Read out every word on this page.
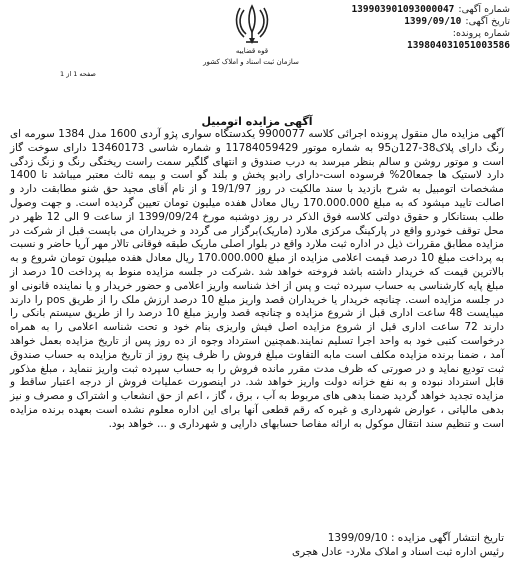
شماره آگهی:
139903901093000047
تاریخ آگهی:
1399/09/10
شماره پرونده:
139804031051003586
قوه قضاییه
سازمان ثبت اسناد و املاک کشور
صفحه 1 از 1
آگهی مزایده اتومبیل

آگهی مزایده مال منقول پرونده اجرائی کلاسه 9900077 یکدستگاه سواری پژو آردی 1600 مدل 1384 سورمه ای رنگ دارای پلاک38-127ن95 به شماره موتور 11784059429 و شماره شاسی 13460173 دارای سوخت گاز است و موتور روشن و سالم بنظر میرسد به درب صندوق و انتهای گلگیر سمت راست ریختگی رنگ و زنگ زدگی دارد لاستیک ها جمعا20% فرسوده است-دارای رادیو پخش و بلند گو است و بیمه ثالث معتبر میباشد تا 1400 مشخصات اتومبیل به شرح بازدید با سند مالکیت در روز 19/1/97 و از نام آقای مجید حق شنو مطابقت دارد و اصالت تایید میشود که به مبلغ 170.000.000 ریال معادل هفده میلیون تومان تعیین گردیده است. و جهت وصول طلب بستانکار و حقوق دولتی کلاسه فوق الذکر در روز دوشنبه مورخ 1399/09/24 از ساعت 9 الی 12 ظهر در محل توقف خودرو واقع در پارکینگ مرکزی ملارد (ماریک)برگزار می گردد و خریداران می بایست قبل از شرکت در مزایده مطابق مقررات ذیل در اداره ثبت ملارد واقع در بلوار اصلی ماریک طبقه فوقانی تالار مهر آریا حاضر و نسبت به پرداخت مبلغ 10 درصد قیمت اعلامی مزایده از مبلغ 170.000.000 ریال معادل هفده میلیون تومان شروع و به بالاترین قیمت که خریدار داشته باشد فروخته خواهد شد .شرکت در جلسه مزایده منوط به پرداخت 10 درصد از مبلغ پایه کارشناسی به حساب سپرده ثبت و پس از اخذ شناسه واریز اعلامی و حضور خریدار و یا نماینده قانونی او در جلسه مزایده است. چنانچه خریدار یا خریداران قصد واریز مبلغ 10 درصد ارزش ملک را از طریق pos را دارند میبایست 48 ساعت اداری قبل از شروع مزایده و چنانچه قصد واریز مبلغ 10 درصد را از طریق سیستم بانکی را دارند 72 ساعت اداری قبل از شروع مزایده اصل فیش واریزی بنام خود و تحت شناسه اعلامی را به همراه درخواست کتبی خود به واحد اجرا تسلیم نمایند.همچنین استرداد وجوه از ده روز پس از تاریخ مزایده بعمل خواهد آمد ، ضمنا برنده مزایده مکلف است مابه التفاوت مبلغ فروش را ظرف پنج روز از تاریخ مزایده به حساب صندوق ثبت تودیع نماید و در صورتی که ظرف مدت مقرر مانده فروش را به حساب سپرده ثبت واریز ننماید ، مبلغ مذکور قابل استرداد نبوده و به نفع خزانه دولت واریز خواهد شد. در اینصورت عملیات فروش از درجه اعتبار ساقط و مزایده تجدید خواهد گردید ضمنا بدهی های مربوط به آب ، برق ، گاز ، اعم از حق انشعاب و اشتراک و مصرف و نیز بدهی مالیاتی ، عوارض شهرداری و غیره که رقم قطعی آنها برای این اداره معلوم نشده است بعهده برنده مزایده است و تنظیم سند انتقال موکول به ارائه مفاصا حسابهای دارایی و شهرداری و ... خواهد بود.

تاریخ انتشار آگهی مزایده : 1399/09/10
رئیس اداره ثبت اسناد و املاک ملارد- عادل هجری
